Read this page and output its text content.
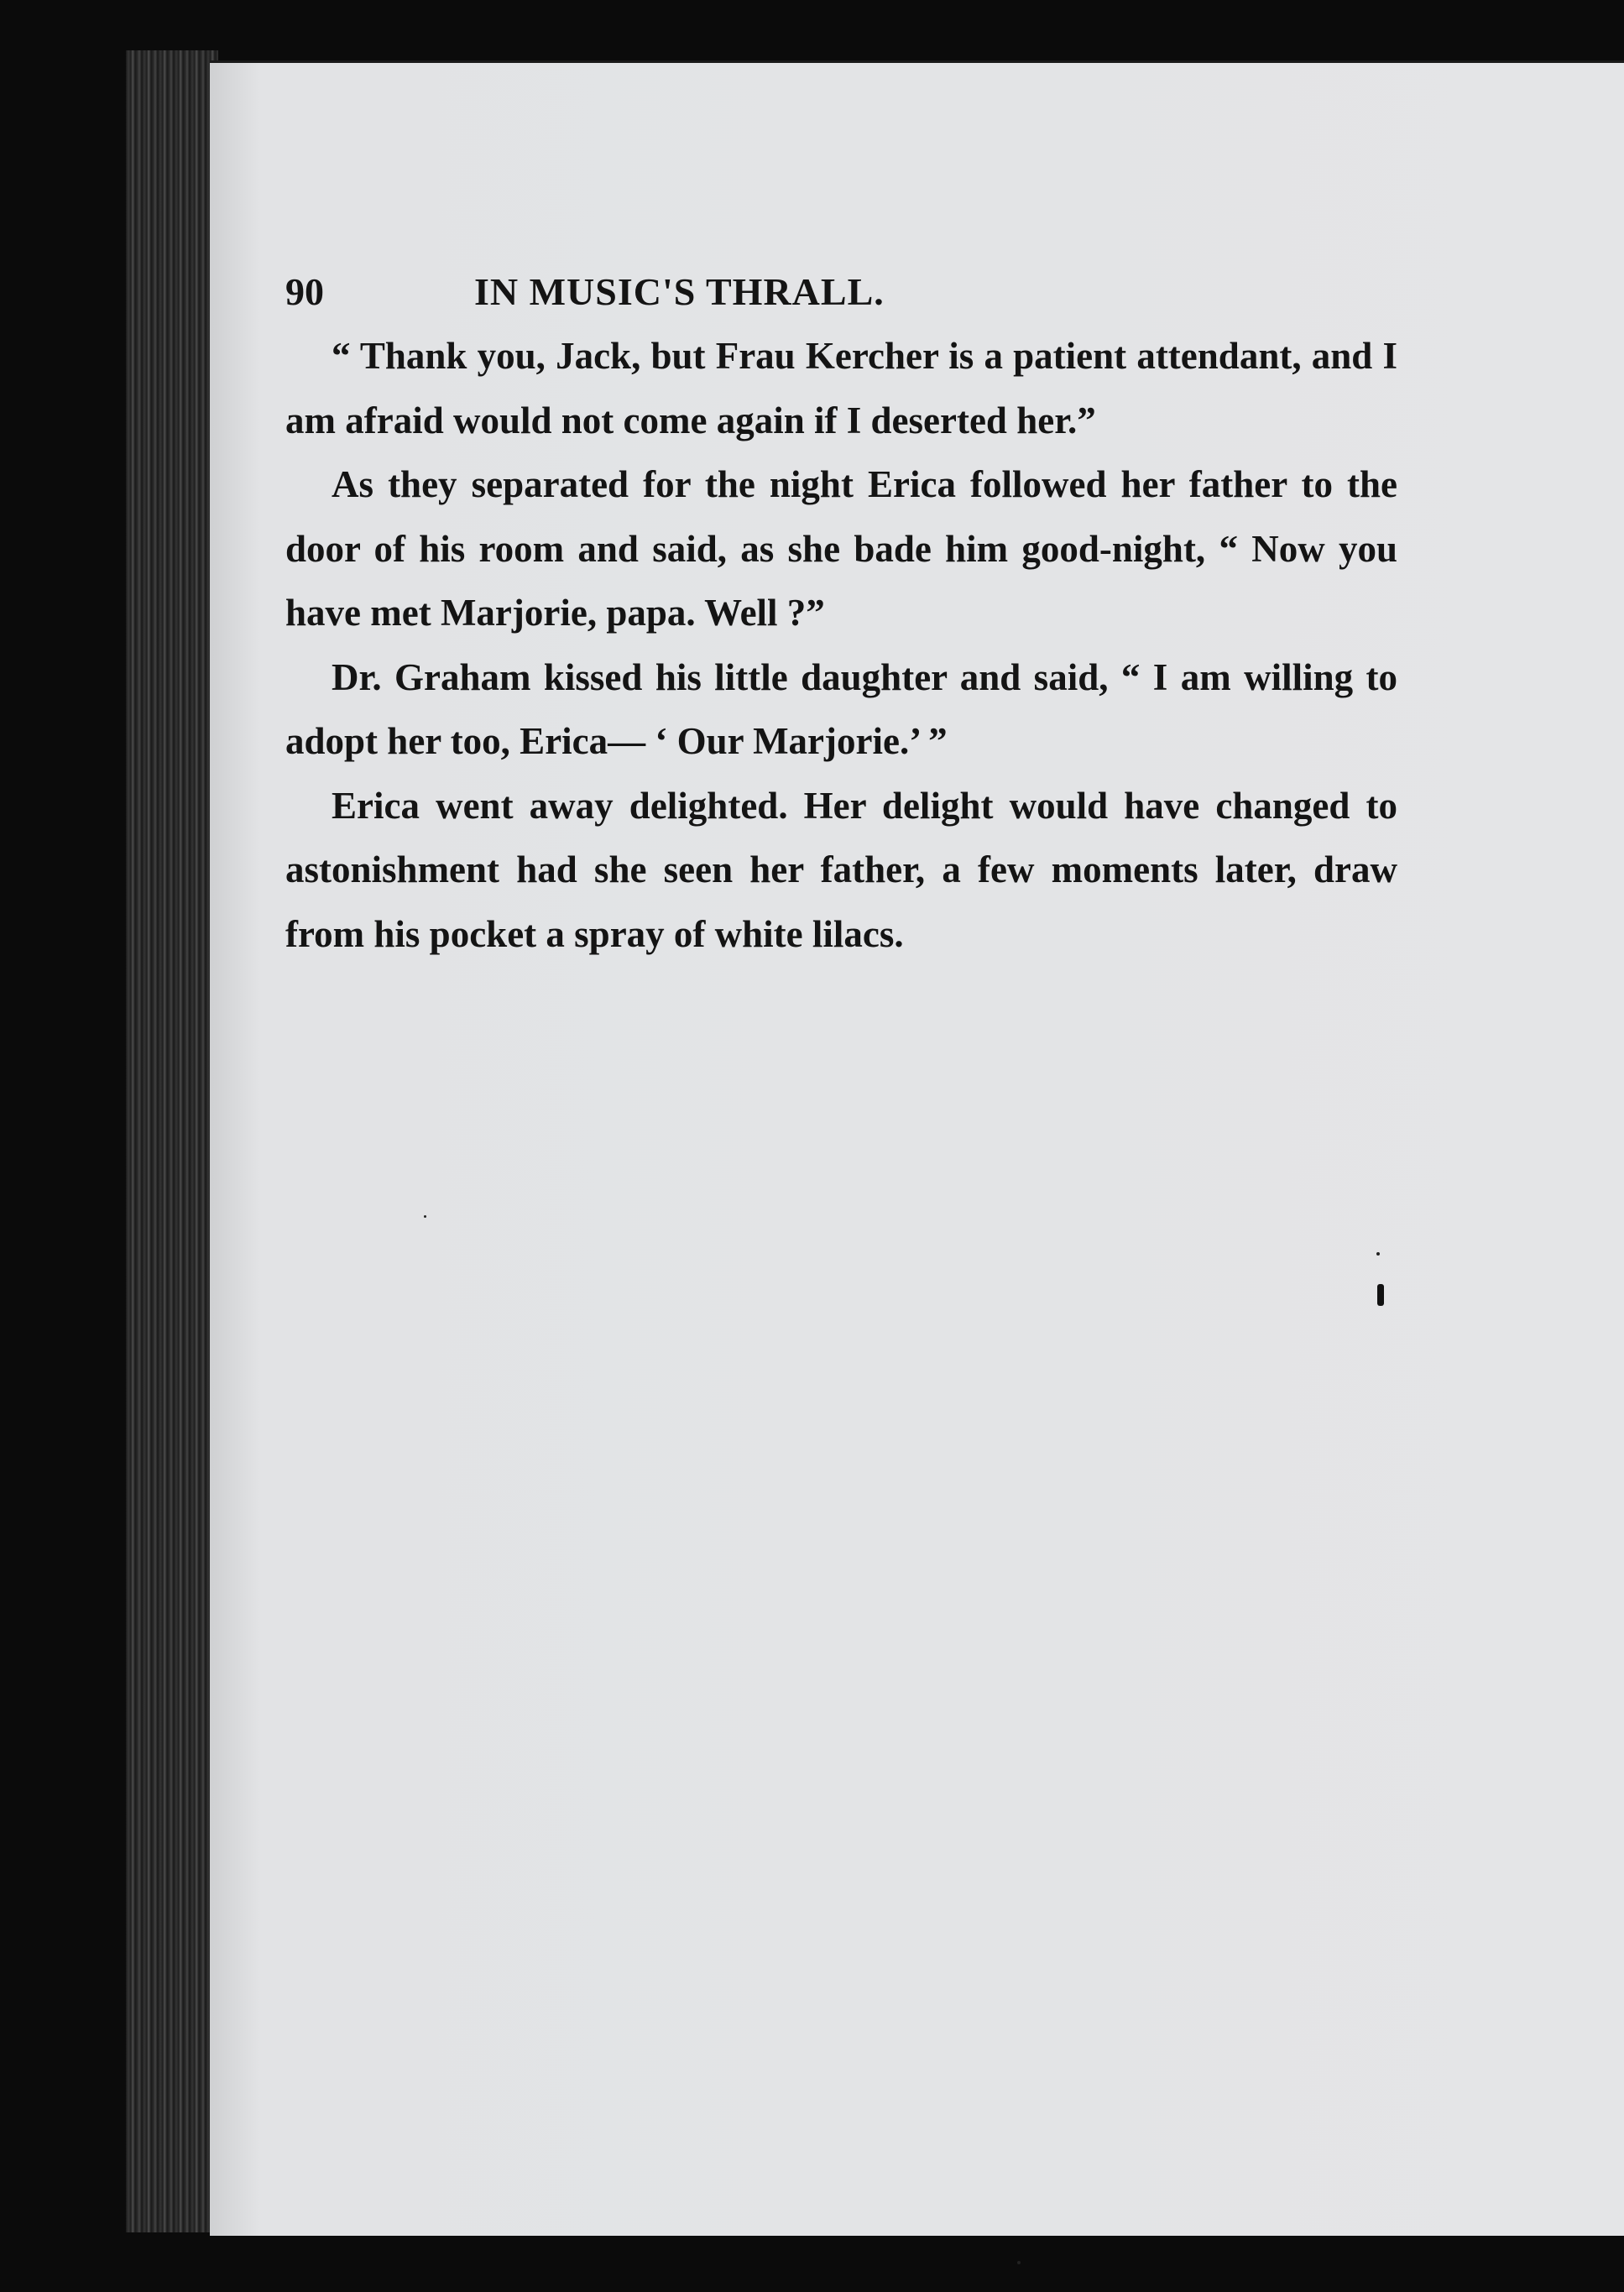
90	IN MUSIC'S THRALL.

“ Thank you, Jack, but Frau Kercher is a patient attendant, and I am afraid would not come again if I deserted her.”

As they separated for the night Erica followed her father to the door of his room and said, as she bade him good-night, “ Now you have met Marjorie, papa. Well ?”

Dr. Graham kissed his little daughter and said, “ I am willing to adopt her too, Erica— ‘ Our Marjorie.’ ”

Erica went away delighted. Her delight would have changed to astonishment had she seen her father, a few moments later, draw from his pocket a spray of white lilacs.
